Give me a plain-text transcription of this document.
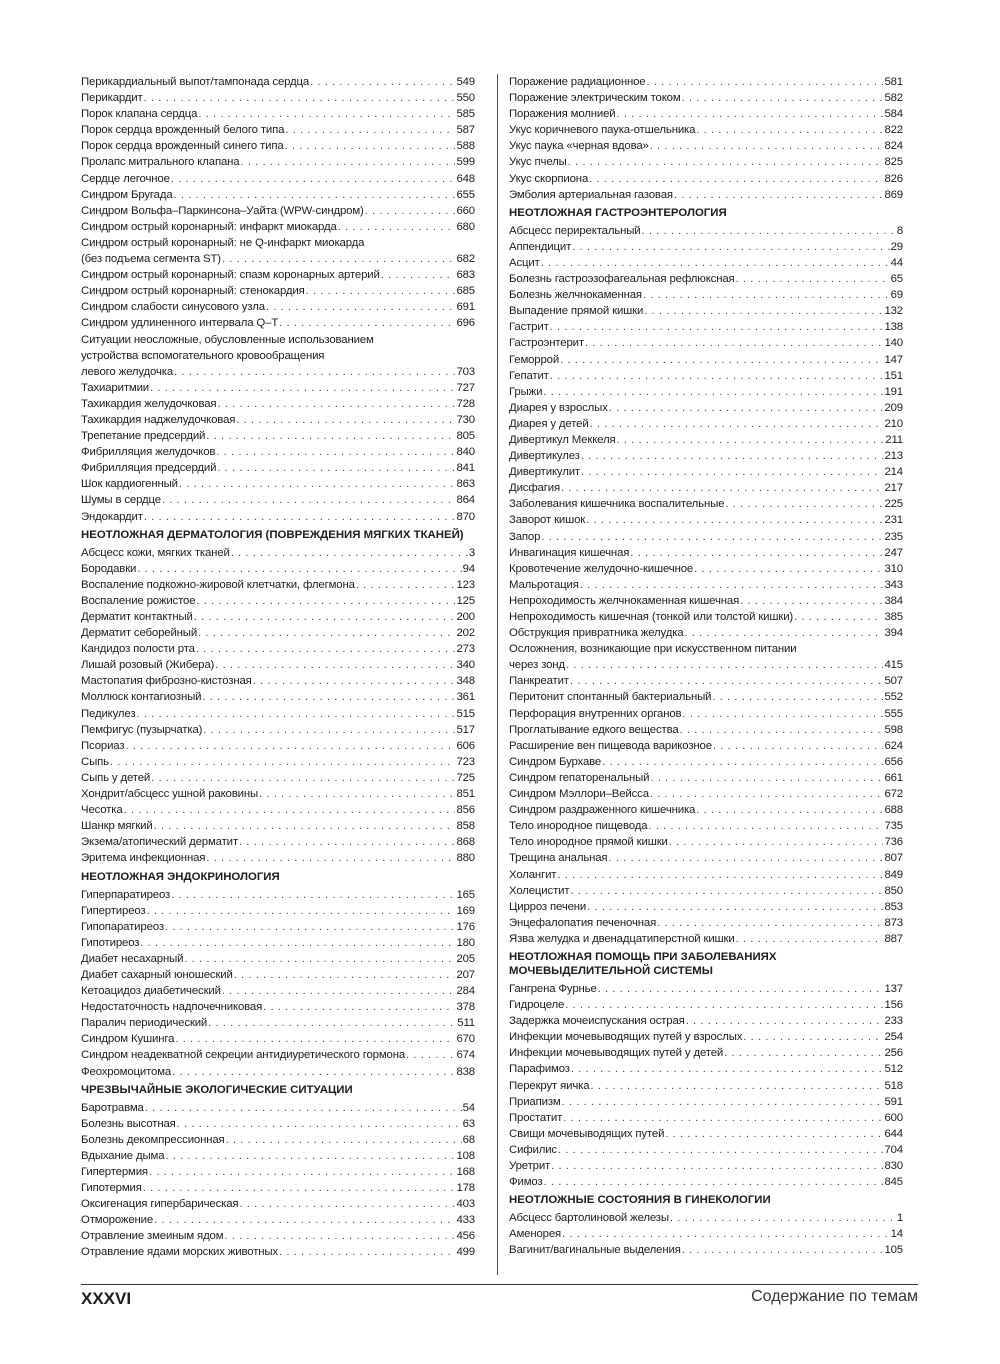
Перикардиальный выпот/тампонада сердца . . .	549
Перикардит . . .	550
Порок клапана сердца . . .	585
Порок сердца врожденный белого типа . . .	587
Порок сердца врожденный синего типа . . .	588
Пролапс митрального клапана . . .	599
Сердце легочное . . .	648
Синдром Бругада . . .	655
Синдром Вольфа–Паркинсона–Уайта (WPW-синдром) . . .	660
Синдром острый коронарный: инфаркт миокарда . . .	680
Синдром острый коронарный: не Q-инфаркт миокарда
(без подъема сегмента ST) . . .	682
Синдром острый коронарный: спазм коронарных артерий . . .	683
Синдром острый коронарный: стенокардия . . .	685
Синдром слабости синусового узла . . .	691
Синдром удлиненного интервала Q–T . . .	696
Ситуации неосложные, обусловленные использованием
устройства вспомогательного кровообращения
левого желудочка . . .	703
Тахиаритмии . . .	727
Тахикардия желудочковая . . .	728
Тахикардия наджелудочковая . . .	730
Трепетание предсердий . . .	805
Фибрилляция желудочков . . .	840
Фибрилляция предсердий . . .	841
Шок кардиогенный . . .	863
Шумы в сердце . . .	864
Эндокардит . . .	870
НЕОТЛОЖНАЯ ДЕРМАТОЛОГИЯ (ПОВРЕЖДЕНИЯ МЯГКИХ ТКАНЕЙ)
Абсцесс кожи, мягких тканей . . .	3
Бородавки . . .	94
Воспаление подкожно-жировой клетчатки, флегмона . . .	123
Воспаление рожистое . . .	125
Дерматит контактный . . .	200
Дерматит себорейный . . .	202
Кандидоз полости рта . . .	273
Лишай розовый (Жибера) . . .	340
Мастопатия фиброзно-кистозная . . .	348
Моллюск контагиозный . . .	361
Педикулез . . .	515
Пемфигус (пузырчатка) . . .	517
Псориаз . . .	606
Сыпь . . .	723
Сыпь у детей . . .	725
Хондрит/абсцесс ушной раковины . . .	851
Чесотка . . .	856
Шанкр мягкий . . .	858
Экзема/атопический дерматит . . .	868
Эритема инфекционная . . .	880
НЕОТЛОЖНАЯ ЭНДОКРИНОЛОГИЯ
Гиперпаратиреоз . . .	165
Гипертиреоз . . .	169
Гипопаратиреоз . . .	176
Гипотиреоз . . .	180
Диабет несахарный . . .	205
Диабет сахарный юношеский . . .	207
Кетоацидоз диабетический . . .	284
Недостаточность надпочечниковая . . .	378
Паралич периодический . . .	511
Синдром Кушинга . . .	670
Синдром неадекватной секреции антидиуретического гормона . . .	674
Феохромоцитома . . .	838
ЧРЕЗВЫЧАЙНЫЕ ЭКОЛОГИЧЕСКИЕ СИТУАЦИИ
Баротравма . . .	54
Болезнь высотная . . .	63
Болезнь декомпрессионная . . .	68
Вдыхание дыма . . .	108
Гипертермия . . .	168
Гипотермия . . .	178
Оксигенация гипербарическая . . .	403
Отморожение . . .	433
Отравление змеиным ядом . . .	456
Отравление ядами морских животных . . .	499
Поражение радиационное . . .	581
Поражение электрическим током . . .	582
Поражения молнией . . .	584
Укус коричневого паука-отшельника . . .	822
Укус паука «черная вдова» . . .	824
Укус пчелы . . .	825
Укус скорпиона . . .	826
Эмболия артериальная газовая . . .	869
НЕОТЛОЖНАЯ ГАСТРОЭНТЕРОЛОГИЯ
Абсцесс периректальный . . .	8
Аппендицит . . .	29
Асцит . . .	44
Болезнь гастроэзофагеальная рефлюксная . . .	65
Болезнь желчнокаменная . . .	69
Выпадение прямой кишки . . .	132
Гастрит . . .	138
Гастроэнтерит . . .	140
Геморрой . . .	147
Гепатит . . .	151
Грыжи . . .	191
Диарея у взрослых . . .	209
Диарея у детей . . .	210
Дивертикул Меккеля . . .	211
Дивертикулез . . .	213
Дивертикулит . . .	214
Дисфагия . . .	217
Заболевания кишечника воспалительные . . .	225
Заворот кишок . . .	231
Запор . . .	235
Инвагинация кишечная . . .	247
Кровотечение желудочно-кишечное . . .	310
Мальротация . . .	343
Непроходимость желчнокаменная кишечная . . .	384
Непроходимость кишечная (тонкой или толстой кишки) . . .	385
Обструкция привратника желудка . . .	394
Осложнения, возникающие при искусственном питании
через зонд . . .	415
Панкреатит . . .	507
Перитонит спонтанный бактериальный . . .	552
Перфорация внутренних органов . . .	555
Проглатывание едкого вещества . . .	598
Расширение вен пищевода варикозное . . .	624
Синдром Бурхаве . . .	656
Синдром гепаторенальный . . .	661
Синдром Мэллори–Вейсса . . .	672
Синдром раздраженного кишечника . . .	688
Тело инородное пищевода . . .	735
Тело инородное прямой кишки . . .	736
Трещина анальная . . .	807
Холангит . . .	849
Холецистит . . .	850
Цирроз печени . . .	853
Энцефалопатия печеночная . . .	873
Язва желудка и двенадцатиперстной кишки . . .	887
НЕОТЛОЖНАЯ ПОМОЩЬ ПРИ ЗАБОЛЕВАНИЯХ
МОЧЕВЫДЕЛИТЕЛЬНОЙ СИСТЕМЫ
Гангрена Фурнье . . .	137
Гидроцеле . . .	156
Задержка мочеиспускания острая . . .	233
Инфекции мочевыводящих путей у взрослых . . .	254
Инфекции мочевыводящих путей у детей . . .	256
Парафимоз . . .	512
Перекрут яичка . . .	518
Приапизм . . .	591
Простатит . . .	600
Свищи мочевыводящих путей . . .	644
Сифилис . . .	704
Уретрит . . .	830
Фимоз . . .	845
НЕОТЛОЖНЫЕ СОСТОЯНИЯ В ГИНЕКОЛОГИИ
Абсцесс бартолиновой железы . . .	1
Аменорея . . .	14
Вагинит/вагинальные выделения . . .	105
XXXVI	Содержание по темам
